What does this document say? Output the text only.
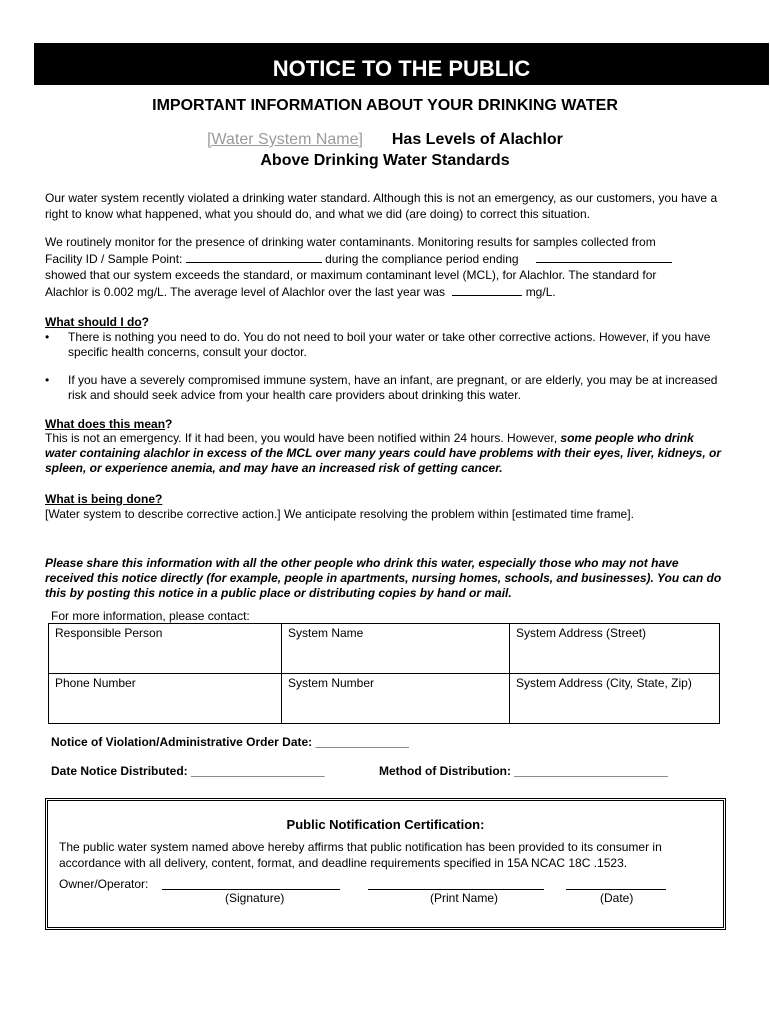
NOTICE TO THE PUBLIC
IMPORTANT INFORMATION ABOUT YOUR DRINKING WATER
[Water System Name] Has Levels of Alachlor
Above Drinking Water Standards
Our water system recently violated a drinking water standard. Although this is not an emergency, as our customers, you have a right to know what happened, what you should do, and what we did (are doing) to correct this situation.
We routinely monitor for the presence of drinking water contaminants. Monitoring results for samples collected from
Facility ID / Sample Point:	during the compliance period ending
showed that our system exceeds the standard, or maximum contaminant level (MCL), for Alachlor. The standard for
Alachlor is 0.002 mg/L. The average level of Alachlor over the last year was	mg/L.
What should I do?
• There is nothing you need to do. You do not need to boil your water or take other corrective actions. However, if you have specific health concerns, consult your doctor.
• If you have a severely compromised immune system, have an infant, are pregnant, or are elderly, you may be at increased risk and should seek advice from your health care providers about drinking this water.
What does this mean?
This is not an emergency. If it had been, you would have been notified within 24 hours. However, some people who drink water containing alachlor in excess of the MCL over many years could have problems with their eyes, liver, kidneys, or spleen, or experience anemia, and may have an increased risk of getting cancer.
What is being done?
[Water system to describe corrective action.] We anticipate resolving the problem within [estimated time frame].
Please share this information with all the other people who drink this water, especially those who may not have received this notice directly (for example, people in apartments, nursing homes, schools, and businesses). You can do this by posting this notice in a public place or distributing copies by hand or mail.
For more information, please contact:
Responsible Person	System Name	System Address (Street)
Phone Number	System Number	System Address (City, State, Zip)
Notice of Violation/Administrative Order Date: ______________
Date Notice Distributed: ____________________	Method of Distribution: _______________________
Public Notification Certification:
The public water system named above hereby affirms that public notification has been provided to its consumer in accordance with all delivery, content, format, and deadline requirements specified in 15A NCAC 18C .1523.
Owner/Operator:
(Signature)	(Print Name)	(Date)
